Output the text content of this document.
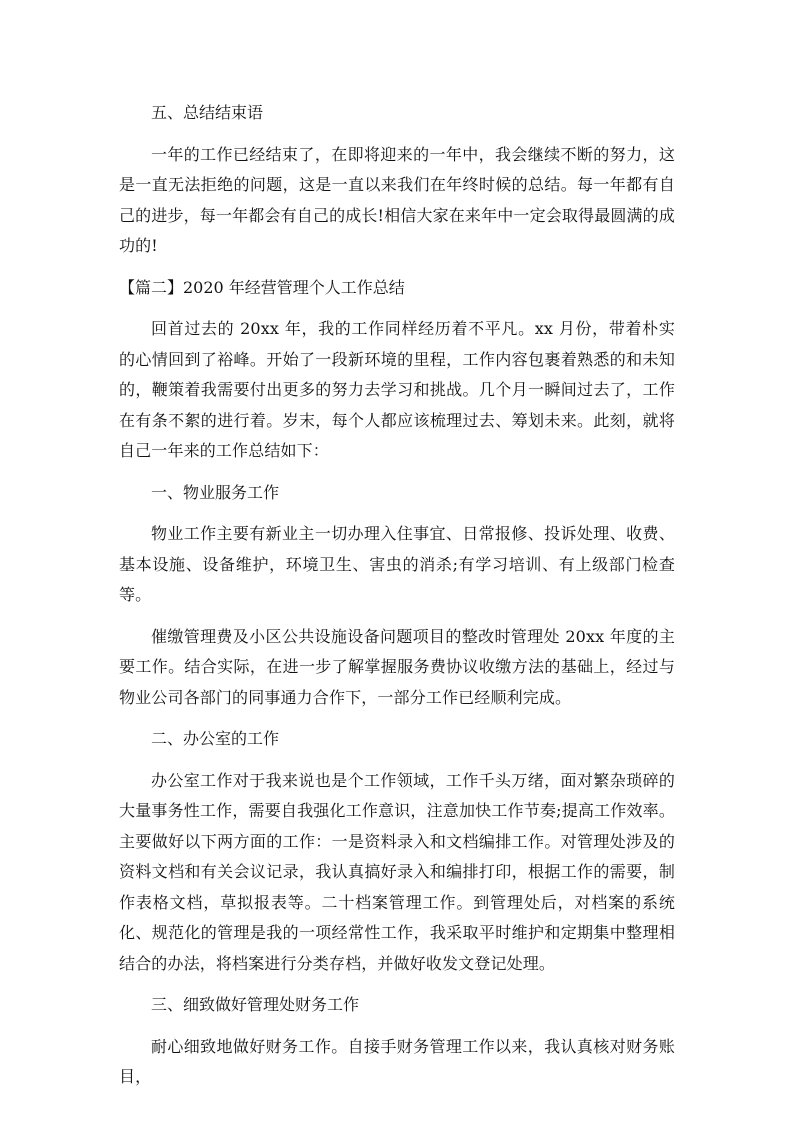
五、总结结束语

一年的工作已经结束了，在即将迎来的一年中，我会继续不断的努力，这是一直无法拒绝的问题，这是一直以来我们在年终时候的总结。每一年都有自己的进步，每一年都会有自己的成长!相信大家在来年中一定会取得最圆满的成功的!

【篇二】2020 年经营管理个人工作总结

回首过去的 20xx 年，我的工作同样经历着不平凡。xx 月份，带着朴实的心情回到了裕峰。开始了一段新环境的里程，工作内容包裹着熟悉的和未知的，鞭策着我需要付出更多的努力去学习和挑战。几个月一瞬间过去了，工作在有条不絮的进行着。岁末，每个人都应该梳理过去、筹划未来。此刻，就将自己一年来的工作总结如下：

一、物业服务工作

物业工作主要有新业主一切办理入住事宜、日常报修、投诉处理、收费、基本设施、设备维护，环境卫生、害虫的消杀;有学习培训、有上级部门检查等。

催缴管理费及小区公共设施设备问题项目的整改时管理处 20xx 年度的主要工作。结合实际，在进一步了解掌握服务费协议收缴方法的基础上，经过与物业公司各部门的同事通力合作下，一部分工作已经顺利完成。

二、办公室的工作

办公室工作对于我来说也是个工作领域，工作千头万绪，面对繁杂琐碎的大量事务性工作，需要自我强化工作意识，注意加快工作节奏;提高工作效率。主要做好以下两方面的工作：一是资料录入和文档编排工作。对管理处涉及的资料文档和有关会议记录，我认真搞好录入和编排打印，根据工作的需要，制作表格文档，草拟报表等。二十档案管理工作。到管理处后，对档案的系统化、规范化的管理是我的一项经常性工作，我采取平时维护和定期集中整理相结合的办法，将档案进行分类存档，并做好收发文登记处理。

三、细致做好管理处财务工作

耐心细致地做好财务工作。自接手财务管理工作以来，我认真核对财务账目，
